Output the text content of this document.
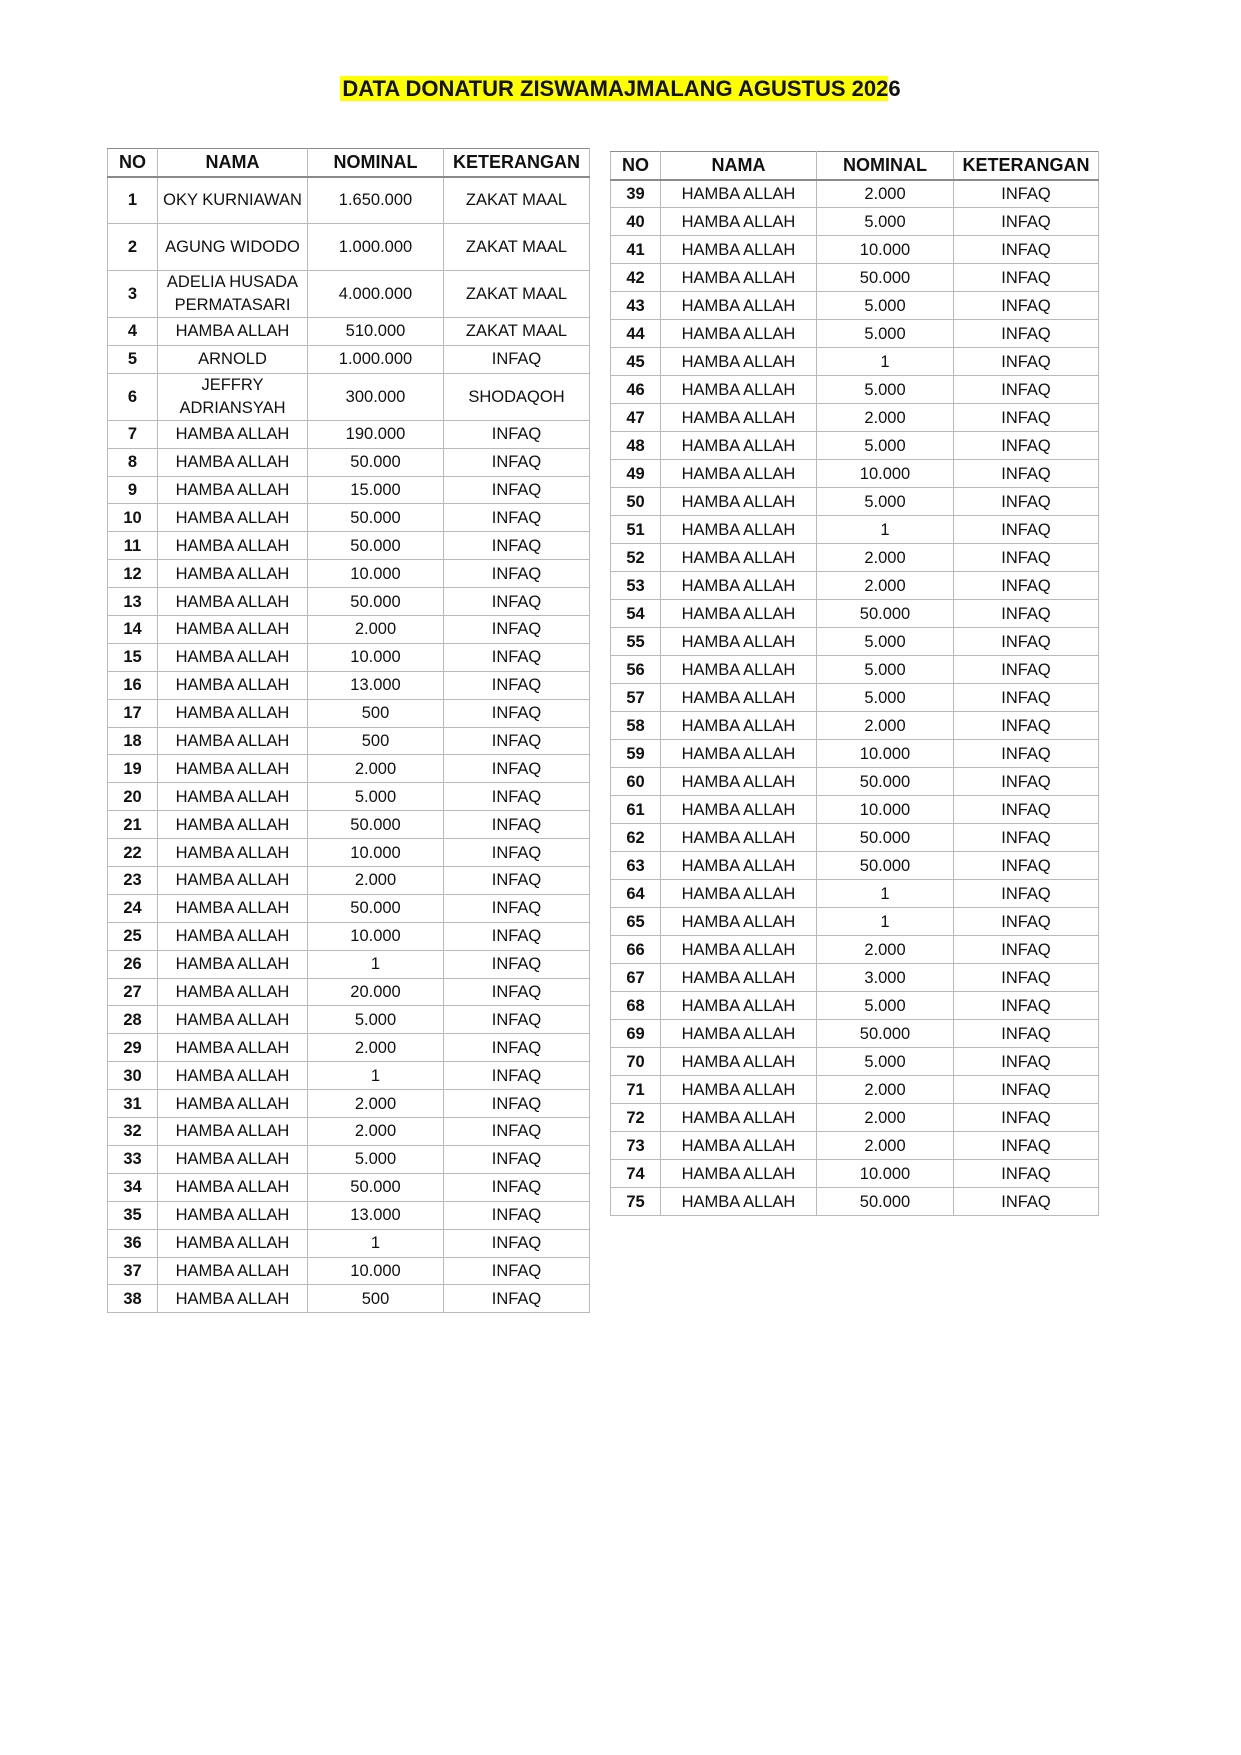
DATA DONATUR ZISWAMAJMALANG AGUSTUS 2026
NO	NAMA	NOMINAL	KETERANGAN
1	OKY KURNIAWAN	1.650.000	ZAKAT MAAL
2	AGUNG WIDODO	1.000.000	ZAKAT MAAL
3	ADELIA HUSADA PERMATASARI	4.000.000	ZAKAT MAAL
4	HAMBA ALLAH	510.000	ZAKAT MAAL
5	ARNOLD	1.000.000	INFAQ
6	JEFFRY ADRIANSYAH	300.000	SHODAQOH
7	HAMBA ALLAH	190.000	INFAQ
8	HAMBA ALLAH	50.000	INFAQ
9	HAMBA ALLAH	15.000	INFAQ
10	HAMBA ALLAH	50.000	INFAQ
11	HAMBA ALLAH	50.000	INFAQ
12	HAMBA ALLAH	10.000	INFAQ
13	HAMBA ALLAH	50.000	INFAQ
14	HAMBA ALLAH	2.000	INFAQ
15	HAMBA ALLAH	10.000	INFAQ
16	HAMBA ALLAH	13.000	INFAQ
17	HAMBA ALLAH	500	INFAQ
18	HAMBA ALLAH	500	INFAQ
19	HAMBA ALLAH	2.000	INFAQ
20	HAMBA ALLAH	5.000	INFAQ
21	HAMBA ALLAH	50.000	INFAQ
22	HAMBA ALLAH	10.000	INFAQ
23	HAMBA ALLAH	2.000	INFAQ
24	HAMBA ALLAH	50.000	INFAQ
25	HAMBA ALLAH	10.000	INFAQ
26	HAMBA ALLAH	1	INFAQ
27	HAMBA ALLAH	20.000	INFAQ
28	HAMBA ALLAH	5.000	INFAQ
29	HAMBA ALLAH	2.000	INFAQ
30	HAMBA ALLAH	1	INFAQ
31	HAMBA ALLAH	2.000	INFAQ
32	HAMBA ALLAH	2.000	INFAQ
33	HAMBA ALLAH	5.000	INFAQ
34	HAMBA ALLAH	50.000	INFAQ
35	HAMBA ALLAH	13.000	INFAQ
36	HAMBA ALLAH	1	INFAQ
37	HAMBA ALLAH	10.000	INFAQ
38	HAMBA ALLAH	500	INFAQ
NO	NAMA	NOMINAL	KETERANGAN
39	HAMBA ALLAH	2.000	INFAQ
40	HAMBA ALLAH	5.000	INFAQ
41	HAMBA ALLAH	10.000	INFAQ
42	HAMBA ALLAH	50.000	INFAQ
43	HAMBA ALLAH	5.000	INFAQ
44	HAMBA ALLAH	5.000	INFAQ
45	HAMBA ALLAH	1	INFAQ
46	HAMBA ALLAH	5.000	INFAQ
47	HAMBA ALLAH	2.000	INFAQ
48	HAMBA ALLAH	5.000	INFAQ
49	HAMBA ALLAH	10.000	INFAQ
50	HAMBA ALLAH	5.000	INFAQ
51	HAMBA ALLAH	1	INFAQ
52	HAMBA ALLAH	2.000	INFAQ
53	HAMBA ALLAH	2.000	INFAQ
54	HAMBA ALLAH	50.000	INFAQ
55	HAMBA ALLAH	5.000	INFAQ
56	HAMBA ALLAH	5.000	INFAQ
57	HAMBA ALLAH	5.000	INFAQ
58	HAMBA ALLAH	2.000	INFAQ
59	HAMBA ALLAH	10.000	INFAQ
60	HAMBA ALLAH	50.000	INFAQ
61	HAMBA ALLAH	10.000	INFAQ
62	HAMBA ALLAH	50.000	INFAQ
63	HAMBA ALLAH	50.000	INFAQ
64	HAMBA ALLAH	1	INFAQ
65	HAMBA ALLAH	1	INFAQ
66	HAMBA ALLAH	2.000	INFAQ
67	HAMBA ALLAH	3.000	INFAQ
68	HAMBA ALLAH	5.000	INFAQ
69	HAMBA ALLAH	50.000	INFAQ
70	HAMBA ALLAH	5.000	INFAQ
71	HAMBA ALLAH	2.000	INFAQ
72	HAMBA ALLAH	2.000	INFAQ
73	HAMBA ALLAH	2.000	INFAQ
74	HAMBA ALLAH	10.000	INFAQ
75	HAMBA ALLAH	50.000	INFAQ
